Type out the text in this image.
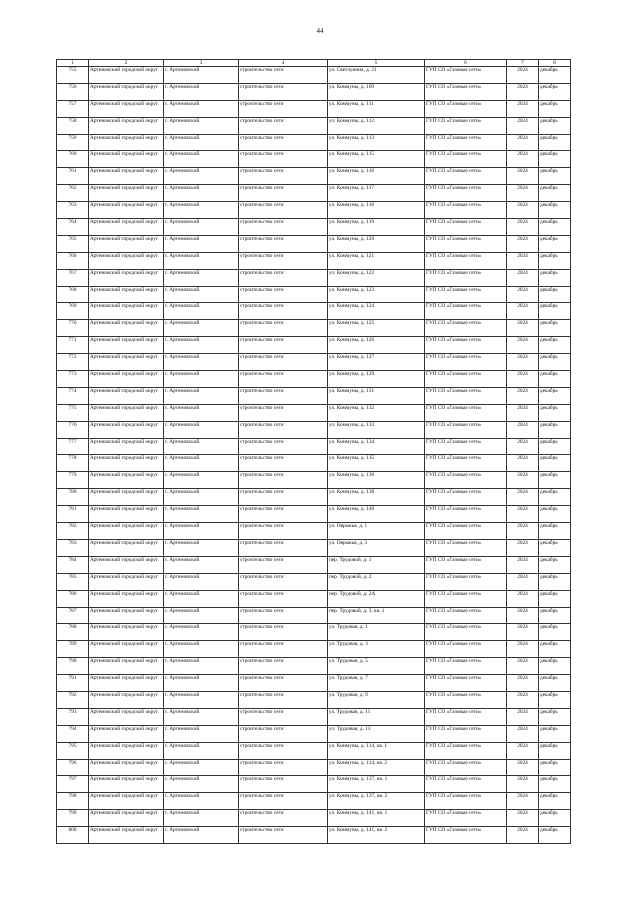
44
1	2	3	4	5	6	7	8
755	Артемовский городской округ	г. Артемовский	строительство сети	ул. Светлунина, д. 21	ГУП СО «Газовые сети»	2024	декабрь
756	Артемовский городской округ	г. Артемовский	строительство сети	ул. Коммуны, д. 109	ГУП СО «Газовые сети»	2024	декабрь
757	Артемовский городской округ	г. Артемовский	строительство сети	ул. Коммуны, д. 111	ГУП СО «Газовые сети»	2024	декабрь
758	Артемовский городской округ	г. Артемовский	строительство сети	ул. Коммуны, д. 112	ГУП СО «Газовые сети»	2024	декабрь
759	Артемовский городской округ	г. Артемовский	строительство сети	ул. Коммуны, д. 113	ГУП СО «Газовые сети»	2024	декабрь
760	Артемовский городской округ	г. Артемовский	строительство сети	ул. Коммуны, д. 115	ГУП СО «Газовые сети»	2024	декабрь
761	Артемовский городской округ	г. Артемовский	строительство сети	ул. Коммуны, д. 116	ГУП СО «Газовые сети»	2024	декабрь
762	Артемовский городской округ	г. Артемовский	строительство сети	ул. Коммуны, д. 117	ГУП СО «Газовые сети»	2024	декабрь
763	Артемовский городской округ	г. Артемовский	строительство сети	ул. Коммуны, д. 118	ГУП СО «Газовые сети»	2024	декабрь
764	Артемовский городской округ	г. Артемовский	строительство сети	ул. Коммуны, д. 119	ГУП СО «Газовые сети»	2024	декабрь
765	Артемовский городской округ	г. Артемовский	строительство сети	ул. Коммуны, д. 120	ГУП СО «Газовые сети»	2024	декабрь
766	Артемовский городской округ	г. Артемовский	строительство сети	ул. Коммуны, д. 121	ГУП СО «Газовые сети»	2024	декабрь
767	Артемовский городской округ	г. Артемовский	строительство сети	ул. Коммуны, д. 122	ГУП СО «Газовые сети»	2024	декабрь
768	Артемовский городской округ	г. Артемовский	строительство сети	ул. Коммуны, д. 123	ГУП СО «Газовые сети»	2024	декабрь
769	Артемовский городской округ	г. Артемовский	строительство сети	ул. Коммуны, д. 124	ГУП СО «Газовые сети»	2024	декабрь
770	Артемовский городской округ	г. Артемовский	строительство сети	ул. Коммуны, д. 125	ГУП СО «Газовые сети»	2024	декабрь
771	Артемовский городской округ	г. Артемовский	строительство сети	ул. Коммуны, д. 126	ГУП СО «Газовые сети»	2024	декабрь
772	Артемовский городской округ	г. Артемовский	строительство сети	ул. Коммуны, д. 127	ГУП СО «Газовые сети»	2024	декабрь
773	Артемовский городской округ	г. Артемовский	строительство сети	ул. Коммуны, д. 129	ГУП СО «Газовые сети»	2024	декабрь
774	Артемовский городской округ	г. Артемовский	строительство сети	ул. Коммуны, д. 131	ГУП СО «Газовые сети»	2024	декабрь
775	Артемовский городской округ	г. Артемовский	строительство сети	ул. Коммуны, д. 132	ГУП СО «Газовые сети»	2024	декабрь
776	Артемовский городской округ	г. Артемовский	строительство сети	ул. Коммуны, д. 133	ГУП СО «Газовые сети»	2024	декабрь
777	Артемовский городской округ	г. Артемовский	строительство сети	ул. Коммуны, д. 134	ГУП СО «Газовые сети»	2024	декабрь
778	Артемовский городской округ	г. Артемовский	строительство сети	ул. Коммуны, д. 135	ГУП СО «Газовые сети»	2024	декабрь
779	Артемовский городской округ	г. Артемовский	строительство сети	ул. Коммуны, д. 136	ГУП СО «Газовые сети»	2024	декабрь
780	Артемовский городской округ	г. Артемовский	строительство сети	ул. Коммуны, д. 138	ГУП СО «Газовые сети»	2024	декабрь
781	Артемовский городской округ	г. Артемовский	строительство сети	ул. Коммуны, д. 140	ГУП СО «Газовые сети»	2024	декабрь
782	Артемовский городской округ	г. Артемовский	строительство сети	ул. Овражья, д. 1	ГУП СО «Газовые сети»	2024	декабрь
783	Артемовский городской округ	г. Артемовский	строительство сети	ул. Овражья, д. 3	ГУП СО «Газовые сети»	2024	декабрь
784	Артемовский городской округ	г. Артемовский	строительство сети	пер. Трудовой, д. 1	ГУП СО «Газовые сети»	2024	декабрь
785	Артемовский городской округ	г. Артемовский	строительство сети	пер. Трудовой, д. 2	ГУП СО «Газовые сети»	2024	декабрь
786	Артемовский городской округ	г. Артемовский	строительство сети	пер. Трудовой, д. 2А	ГУП СО «Газовые сети»	2024	декабрь
787	Артемовский городской округ	г. Артемовский	строительство сети	пер. Трудовой, д. 3, кв. 1	ГУП СО «Газовые сети»	2024	декабрь
788	Артемовский городской округ	г. Артемовский	строительство сети	ул. Трудовая, д. 1	ГУП СО «Газовые сети»	2024	декабрь
789	Артемовский городской округ	г. Артемовский	строительство сети	ул. Трудовая, д. 3	ГУП СО «Газовые сети»	2024	декабрь
790	Артемовский городской округ	г. Артемовский	строительство сети	ул. Трудовая, д. 5	ГУП СО «Газовые сети»	2024	декабрь
791	Артемовский городской округ	г. Артемовский	строительство сети	ул. Трудовая, д. 7	ГУП СО «Газовые сети»	2024	декабрь
792	Артемовский городской округ	г. Артемовский	строительство сети	ул. Трудовая, д. 9	ГУП СО «Газовые сети»	2024	декабрь
793	Артемовский городской округ	г. Артемовский	строительство сети	ул. Трудовая, д. 11	ГУП СО «Газовые сети»	2024	декабрь
794	Артемовский городской округ	г. Артемовский	строительство сети	ул. Трудовая, д. 13	ГУП СО «Газовые сети»	2024	декабрь
795	Артемовский городской округ	г. Артемовский	строительство сети	ул. Коммуны, д. 114, кв. 1	ГУП СО «Газовые сети»	2024	декабрь
796	Артемовский городской округ	г. Артемовский	строительство сети	ул. Коммуны, д. 114, кв. 2	ГУП СО «Газовые сети»	2024	декабрь
797	Артемовский городской округ	г. Артемовский	строительство сети	ул. Коммуны, д. 137, кв. 1	ГУП СО «Газовые сети»	2024	декабрь
798	Артемовский городской округ	г. Артемовский	строительство сети	ул. Коммуны, д. 137, кв. 2	ГУП СО «Газовые сети»	2024	декабрь
799	Артемовский городской округ	г. Артемовский	строительство сети	ул. Коммуны, д. 141, кв. 1	ГУП СО «Газовые сети»	2024	декабрь
800	Артемовский городской округ	г. Артемовский	строительство сети	ул. Коммуны, д. 141, кв. 2	ГУП СО «Газовые сети»	2024	декабрь
